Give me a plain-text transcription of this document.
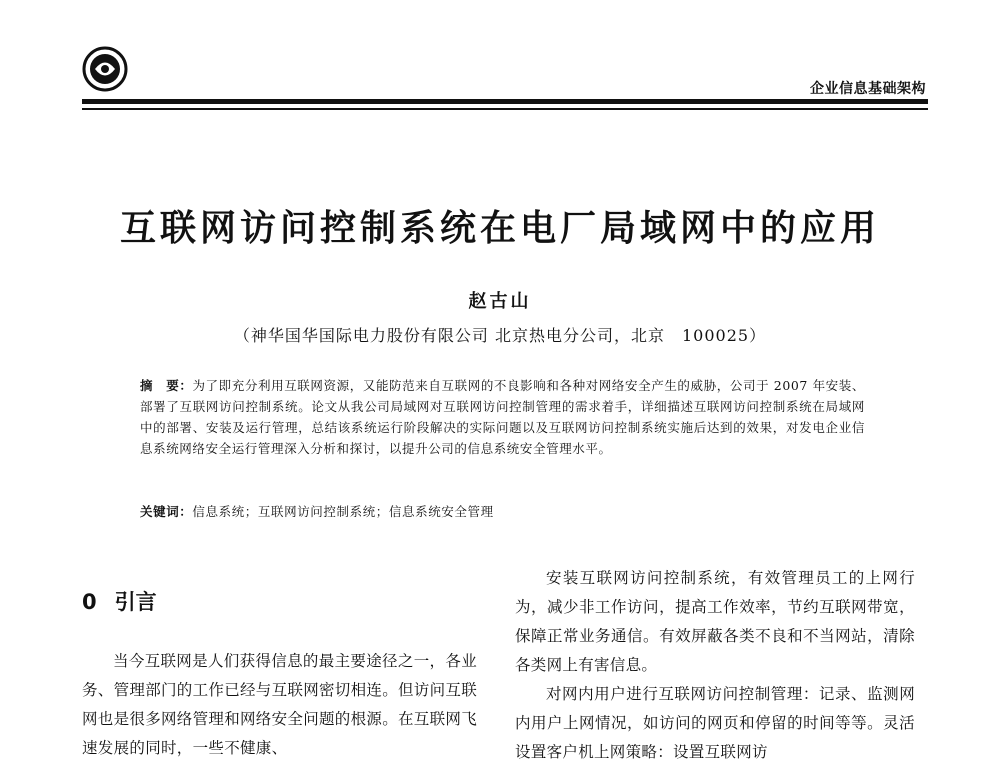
企业信息基础架构
互联网访问控制系统在电厂局域网中的应用
赵古山
（神华国华国际电力股份有限公司 北京热电分公司，北京　100025）
摘　要：为了即充分利用互联网资源，又能防范来自互联网的不良影响和各种对网络安全产生的威胁，公司于 2007 年安装、部署了互联网访问控制系统。论文从我公司局域网对互联网访问控制管理的需求着手，详细描述互联网访问控制系统在局域网中的部署、安装及运行管理，总结该系统运行阶段解决的实际问题以及互联网访问控制系统实施后达到的效果，对发电企业信息系统网络安全运行管理深入分析和探讨，以提升公司的信息系统安全管理水平。
关键词：信息系统；互联网访问控制系统；信息系统安全管理
0 引言

当今互联网是人们获得信息的最主要途径之一，各业务、管理部门的工作已经与互联网密切相连。但访问互联网也是很多网络管理和网络安全问题的根源。在互联网飞速发展的同时，一些不健康、

安装互联网访问控制系统，有效管理员工的上网行为，减少非工作访问，提高工作效率，节约互联网带宽，保障正常业务通信。有效屏蔽各类不良和不当网站，清除各类网上有害信息。

对网内用户进行互联网访问控制管理：记录、监测网内用户上网情况，如访问的网页和停留的时间等等。灵活设置客户机上网策略：设置互联网访
